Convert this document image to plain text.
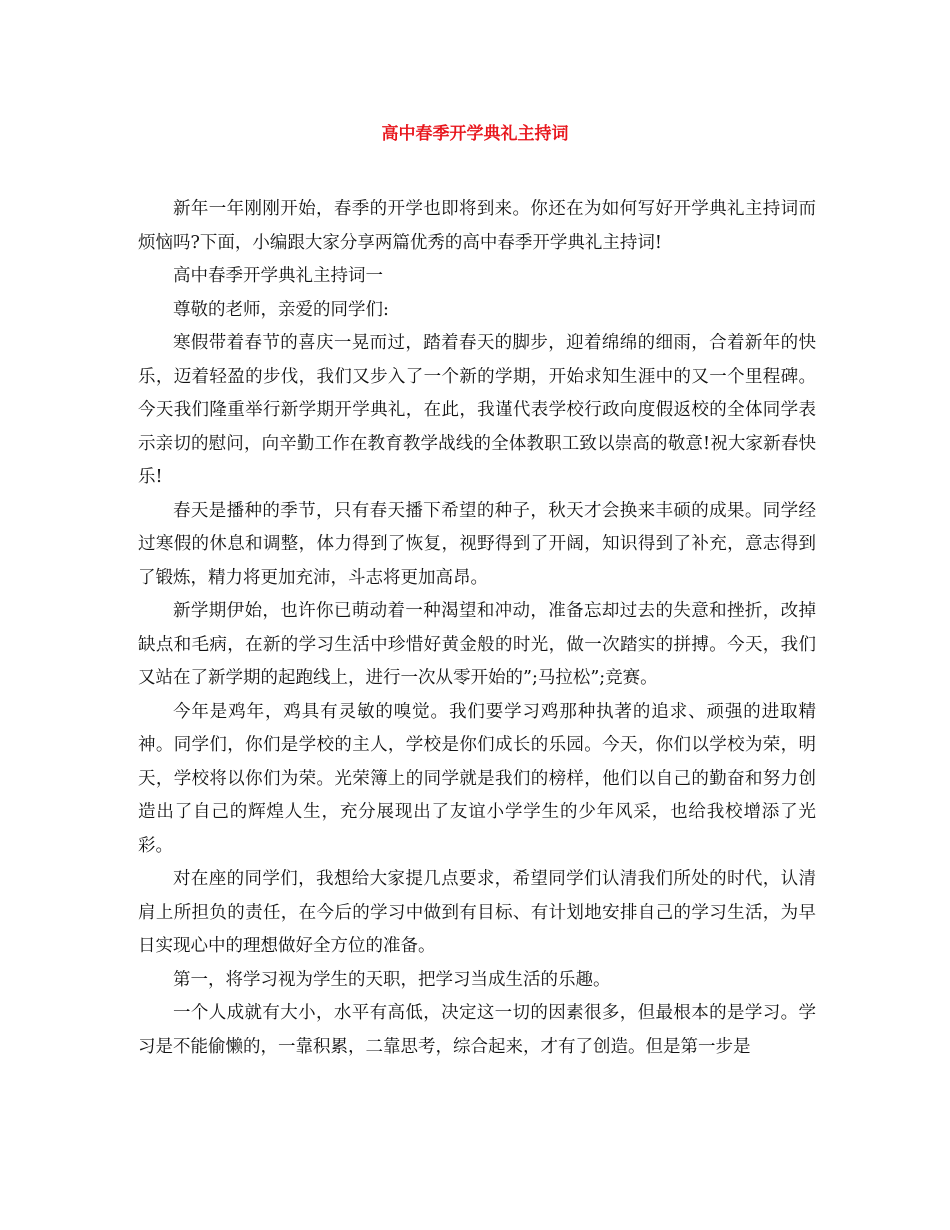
高中春季开学典礼主持词

新年一年刚刚开始，春季的开学也即将到来。你还在为如何写好开学典礼主持词而烦恼吗?下面，小编跟大家分享两篇优秀的高中春季开学典礼主持词!

高中春季开学典礼主持词一

尊敬的老师，亲爱的同学们:

寒假带着春节的喜庆一晃而过，踏着春天的脚步，迎着绵绵的细雨，合着新年的快乐，迈着轻盈的步伐，我们又步入了一个新的学期，开始求知生涯中的又一个里程碑。今天我们隆重举行新学期开学典礼，在此，我谨代表学校行政向度假返校的全体同学表示亲切的慰问，向辛勤工作在教育教学战线的全体教职工致以崇高的敬意!祝大家新春快乐!

春天是播种的季节，只有春天播下希望的种子，秋天才会换来丰硕的成果。同学经过寒假的休息和调整，体力得到了恢复，视野得到了开阔，知识得到了补充，意志得到了锻炼，精力将更加充沛，斗志将更加高昂。

新学期伊始，也许你已萌动着一种渴望和冲动，准备忘却过去的失意和挫折，改掉缺点和毛病，在新的学习生活中珍惜好黄金般的时光，做一次踏实的拼搏。今天，我们又站在了新学期的起跑线上，进行一次从零开始的”;马拉松”;竞赛。

今年是鸡年，鸡具有灵敏的嗅觉。我们要学习鸡那种执著的追求、顽强的进取精神。同学们，你们是学校的主人，学校是你们成长的乐园。今天，你们以学校为荣，明天，学校将以你们为荣。光荣簿上的同学就是我们的榜样，他们以自己的勤奋和努力创造出了自己的辉煌人生，充分展现出了友谊小学学生的少年风采，也给我校增添了光彩。

对在座的同学们，我想给大家提几点要求，希望同学们认清我们所处的时代，认清肩上所担负的责任，在今后的学习中做到有目标、有计划地安排自己的学习生活，为早日实现心中的理想做好全方位的准备。

第一，将学习视为学生的天职，把学习当成生活的乐趣。

一个人成就有大小，水平有高低，决定这一切的因素很多，但最根本的是学习。学习是不能偷懒的，一靠积累，二靠思考，综合起来，才有了创造。但是第一步是
